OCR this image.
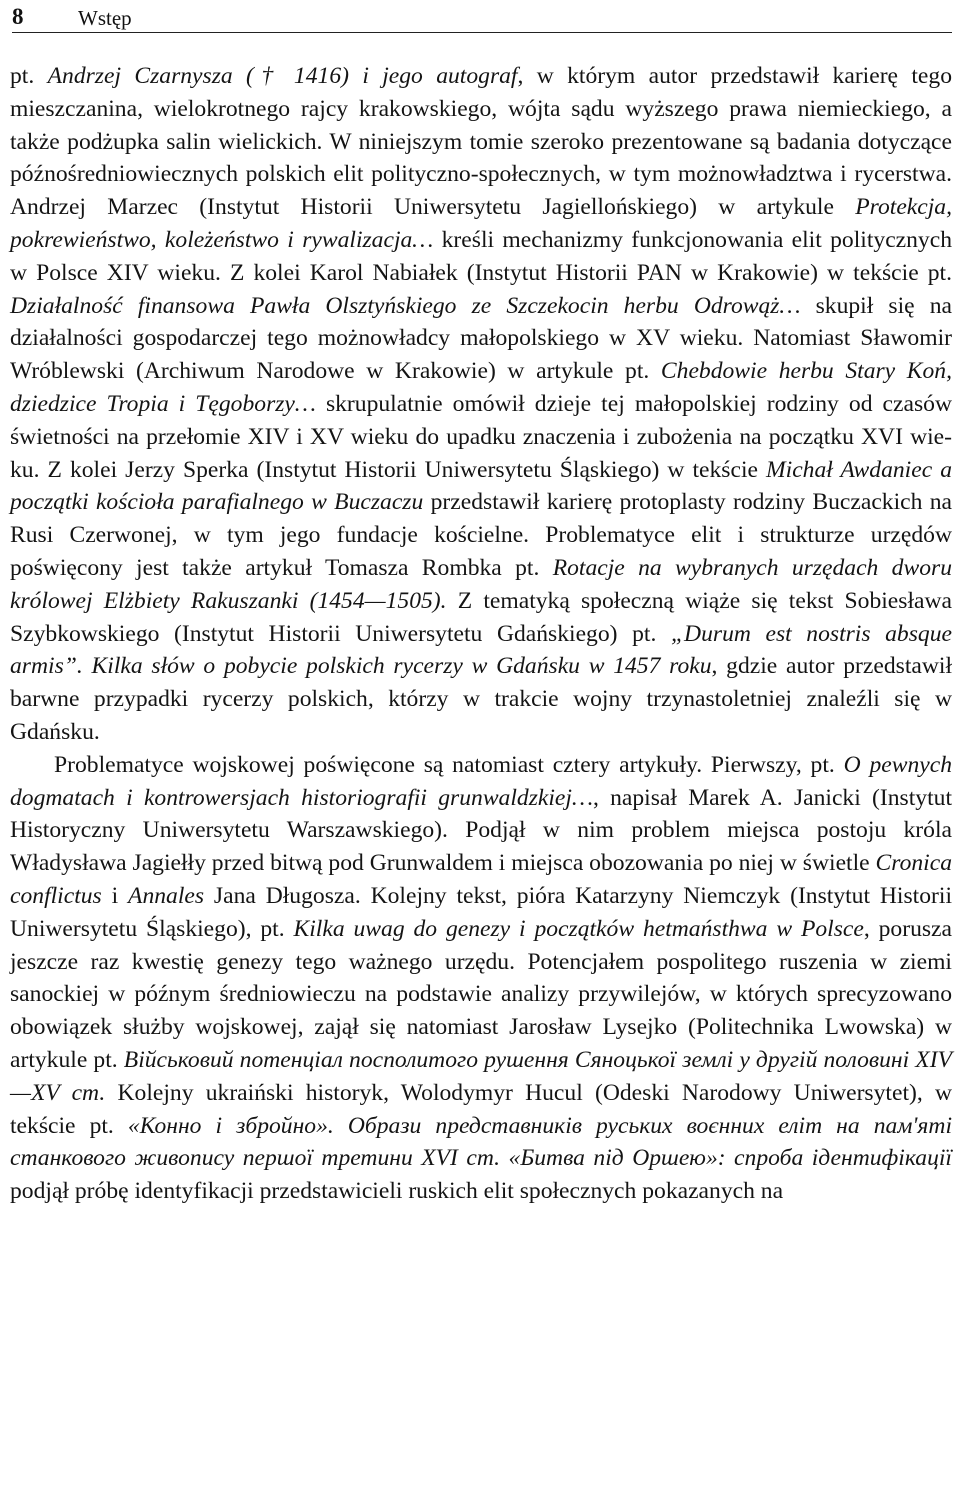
8	Wstęp

pt. Andrzej Czarnysza († 1416) i jego autograf, w którym autor przedstawił karierę tego mieszczanina, wielokrotnego rajcy krakowskiego, wójta sądu wyższego prawa niemieckiego, a także podżupka salin wielickich. W niniejszym tomie szeroko prezentowane są badania dotyczące późnośredniowiecznych polskich elit polityczno-społecznych, w tym możnowładztwa i rycerstwa. Andrzej Marzec (Instytut Historii Uniwersytetu Jagiellońskiego) w artykule Protekcja, pokrewieństwo, koleżeństwo i rywalizacja… kreśli mechanizmy funkcjonowania elit politycznych w Polsce XIV wieku. Z kolei Karol Nabiałek (Instytut Historii PAN w Krakowie) w tekście pt. Działalność finansowa Pawła Olsztyńskiego ze Szczekocin herbu Odrowąż… skupił się na działalności gospodarczej tego możnowładcy małopolskiego w XV wieku. Natomiast Sławomir Wróblewski (Archiwum Narodowe w Krakowie) w artykule pt. Chebdowie herbu Stary Koń, dziedzice Tropia i Tęgoborzy… skrupulatnie omówił dzieje tej małopolskiej rodziny od czasów świetności na przełomie XIV i XV wieku do upadku znaczenia i zubożenia na początku XVI wieku. Z kolei Jerzy Sperka (Instytut Historii Uniwersytetu Śląskiego) w tekście Michał Awdaniec a początki kościoła parafialnego w Buczaczu przedstawił karierę protoplasty rodziny Buczackich na Rusi Czerwonej, w tym jego fundacje kościelne. Problematyce elit i strukturze urzędów poświęcony jest także artykuł Tomasza Rombka pt. Rotacje na wybranych urzędach dworu królowej Elżbiety Rakuszanki (1454—1505). Z tematyką społeczną wiąże się tekst Sobiesława Szybkowskiego (Instytut Historii Uniwersytetu Gdańskiego) pt. „Durum est nostris absque armis”. Kilka słów o pobycie polskich rycerzy w Gdańsku w 1457 roku, gdzie autor przedstawił barwne przypadki rycerzy polskich, którzy w trakcie wojny trzynastoletniej znaleźli się w Gdańsku.

Problematyce wojskowej poświęcone są natomiast cztery artykuły. Pierwszy, pt. O pewnych dogmatach i kontrowersjach historiografii grunwaldzkiej…, napisał Marek A. Janicki (Instytut Historyczny Uniwersytetu Warszawskiego). Podjął w nim problem miejsca postoju króla Władysława Jagiełły przed bitwą pod Grunwaldem i miejsca obozowania po niej w świetle Cronica conflictus i Annales Jana Długosza. Kolejny tekst, pióra Katarzyny Niemczyk (Instytut Historii Uniwersytetu Śląskiego), pt. Kilka uwag do genezy i początków hetmaństhwa w Polsce, porusza jeszcze raz kwestię genezy tego ważnego urzędu. Potencjałem pospolitego ruszenia w ziemi sanockiej w późnym średniowieczu na podstawie analizy przywilejów, w których sprecyzowano obowiązek służby wojskowej, zajął się natomiast Jarosław Lysejko (Politechnika Lwowska) w artykule pt. Військовий потенціал посполитого рушення Сяноцької землі у другій половині XIV—XV ст. Kolejny ukraiński historyk, Wolodymyr Hucul (Odeski Narodowy Uniwersytet), w tekście pt. «Конно і збройно». Образи представників руських воєнних еліт на пам'яті станкового живопису першої третини XVI ст. «Битва під Оршею»: спроба ідентифікації podjął próbę identyfikacji przedstawicieli ruskich elit społecznych pokazanych na
